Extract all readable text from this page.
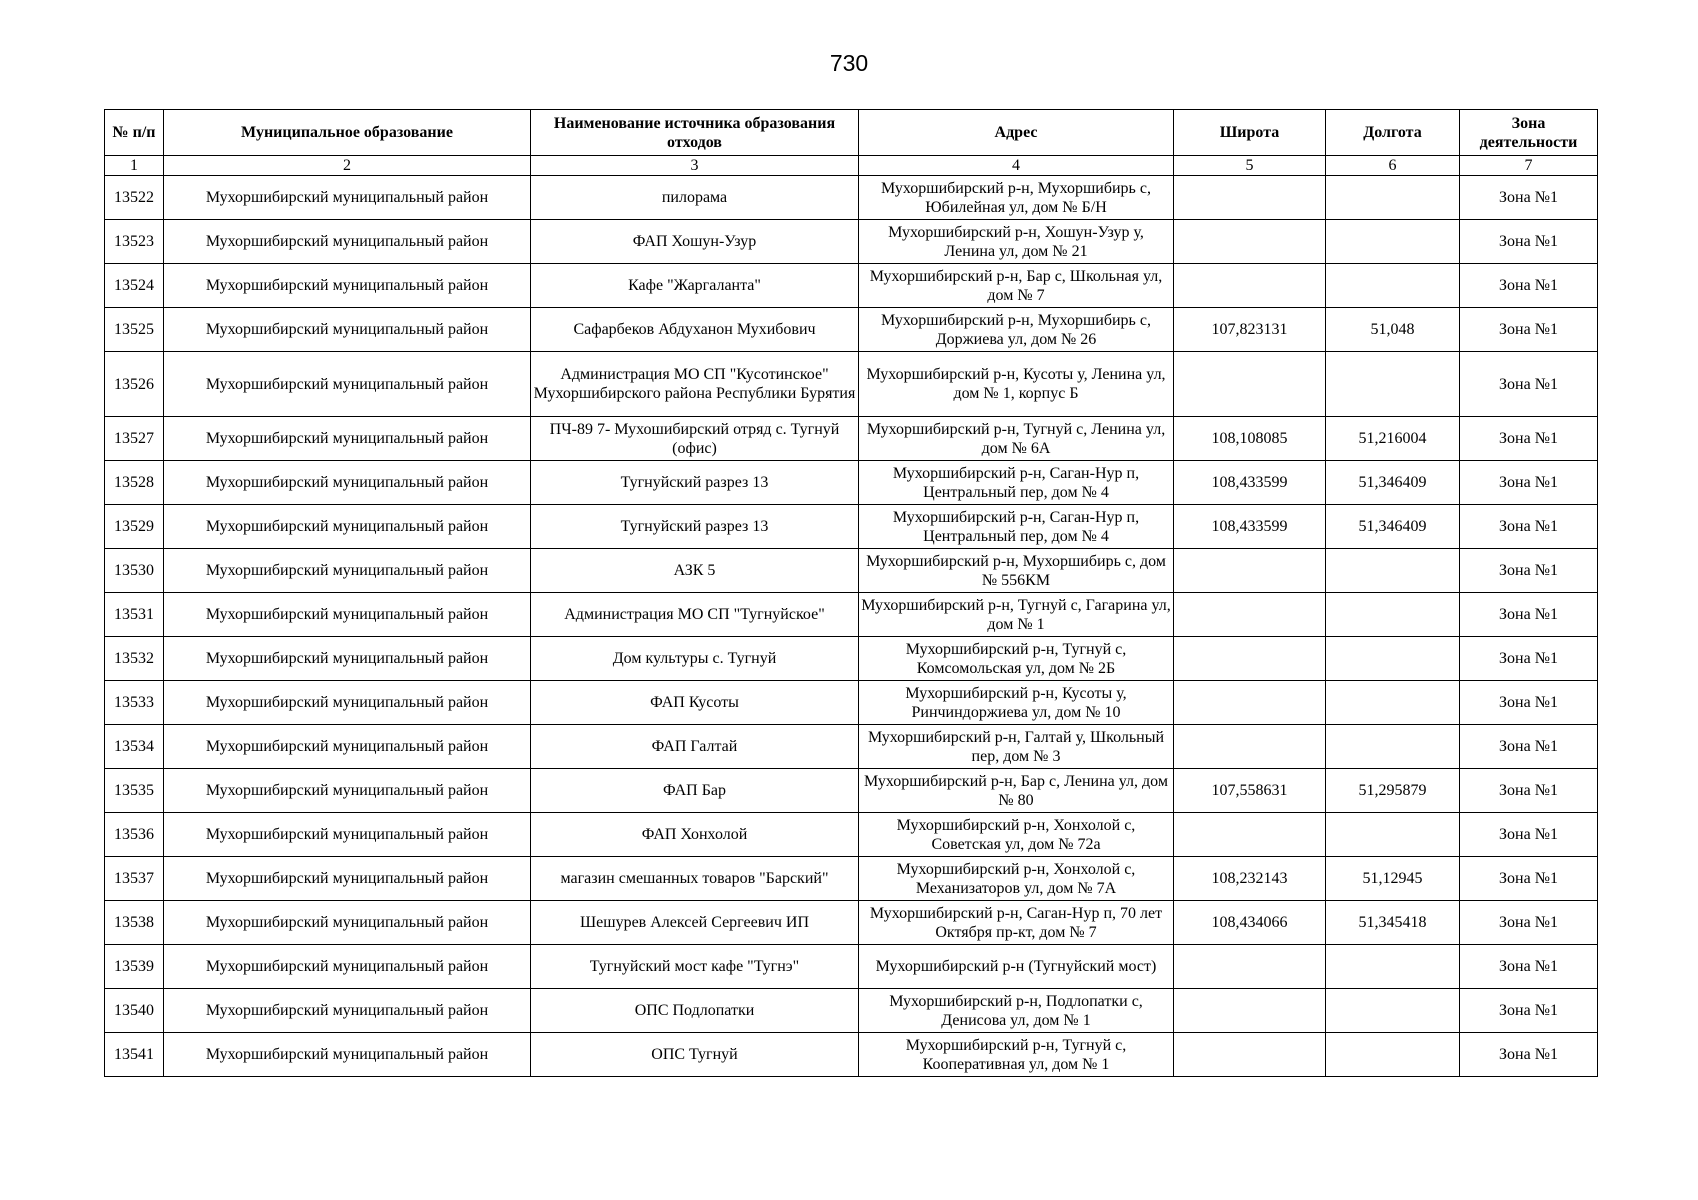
730
№ п/п	Муниципальное образование	Наименование источника образования отходов	Адрес	Широта	Долгота	Зона деятельности
1	2	3	4	5	6	7
13522	Мухоршибирский муниципальный район	пилорама	Мухоршибирский р-н, Мухоршибирь с, Юбилейная ул, дом № Б/Н			Зона №1
13523	Мухоршибирский муниципальный район	ФАП Хошун-Узур	Мухоршибирский р-н, Хошун-Узур у, Ленина ул, дом № 21			Зона №1
13524	Мухоршибирский муниципальный район	Кафе "Жаргаланта"	Мухоршибирский р-н, Бар с, Школьная ул, дом № 7			Зона №1
13525	Мухоршибирский муниципальный район	Сафарбеков Абдуханон Мухибович	Мухоршибирский р-н, Мухоршибирь с, Доржиева ул, дом № 26	107,823131	51,048	Зона №1
13526	Мухоршибирский муниципальный район	Администрация МО СП "Кусотинское" Мухоршибирского района Республики Бурятия	Мухоршибирский р-н, Кусоты у, Ленина ул, дом № 1, корпус Б			Зона №1
13527	Мухоршибирский муниципальный район	ПЧ-89 7- Мухошибирский отряд с. Тугнуй (офис)	Мухоршибирский р-н, Тугнуй с, Ленина ул, дом № 6А	108,108085	51,216004	Зона №1
13528	Мухоршибирский муниципальный район	Тугнуйский разрез 13	Мухоршибирский р-н, Саган-Нур п, Центральный пер, дом № 4	108,433599	51,346409	Зона №1
13529	Мухоршибирский муниципальный район	Тугнуйский разрез 13	Мухоршибирский р-н, Саган-Нур п, Центральный пер, дом № 4	108,433599	51,346409	Зона №1
13530	Мухоршибирский муниципальный район	АЗК 5	Мухоршибирский р-н, Мухоршибирь с, дом № 556КМ			Зона №1
13531	Мухоршибирский муниципальный район	Администрация МО СП "Тугнуйское"	Мухоршибирский р-н, Тугнуй с, Гагарина ул, дом № 1			Зона №1
13532	Мухоршибирский муниципальный район	Дом культуры с. Тугнуй	Мухоршибирский р-н, Тугнуй с, Комсомольская ул, дом № 2Б			Зона №1
13533	Мухоршибирский муниципальный район	ФАП Кусоты	Мухоршибирский р-н, Кусоты у, Ринчиндоржиева ул, дом № 10			Зона №1
13534	Мухоршибирский муниципальный район	ФАП Галтай	Мухоршибирский р-н, Галтай у, Школьный пер, дом № 3			Зона №1
13535	Мухоршибирский муниципальный район	ФАП Бар	Мухоршибирский р-н, Бар с, Ленина ул, дом № 80	107,558631	51,295879	Зона №1
13536	Мухоршибирский муниципальный район	ФАП Хонхолой	Мухоршибирский р-н, Хонхолой с, Советская ул, дом № 72а			Зона №1
13537	Мухоршибирский муниципальный район	магазин смешанных товаров "Барский"	Мухоршибирский р-н, Хонхолой с, Механизаторов ул, дом № 7А	108,232143	51,12945	Зона №1
13538	Мухоршибирский муниципальный район	Шешурев Алексей Сергеевич ИП	Мухоршибирский р-н, Саган-Нур п, 70 лет Октября пр-кт, дом № 7	108,434066	51,345418	Зона №1
13539	Мухоршибирский муниципальный район	Тугнуйский мост кафе "Тугнэ"	Мухоршибирский р-н (Тугнуйский мост)			Зона №1
13540	Мухоршибирский муниципальный район	ОПС Подлопатки	Мухоршибирский р-н, Подлопатки с, Денисова ул, дом № 1			Зона №1
13541	Мухоршибирский муниципальный район	ОПС Тугнуй	Мухоршибирский р-н, Тугнуй с, Кооперативная ул, дом № 1			Зона №1
